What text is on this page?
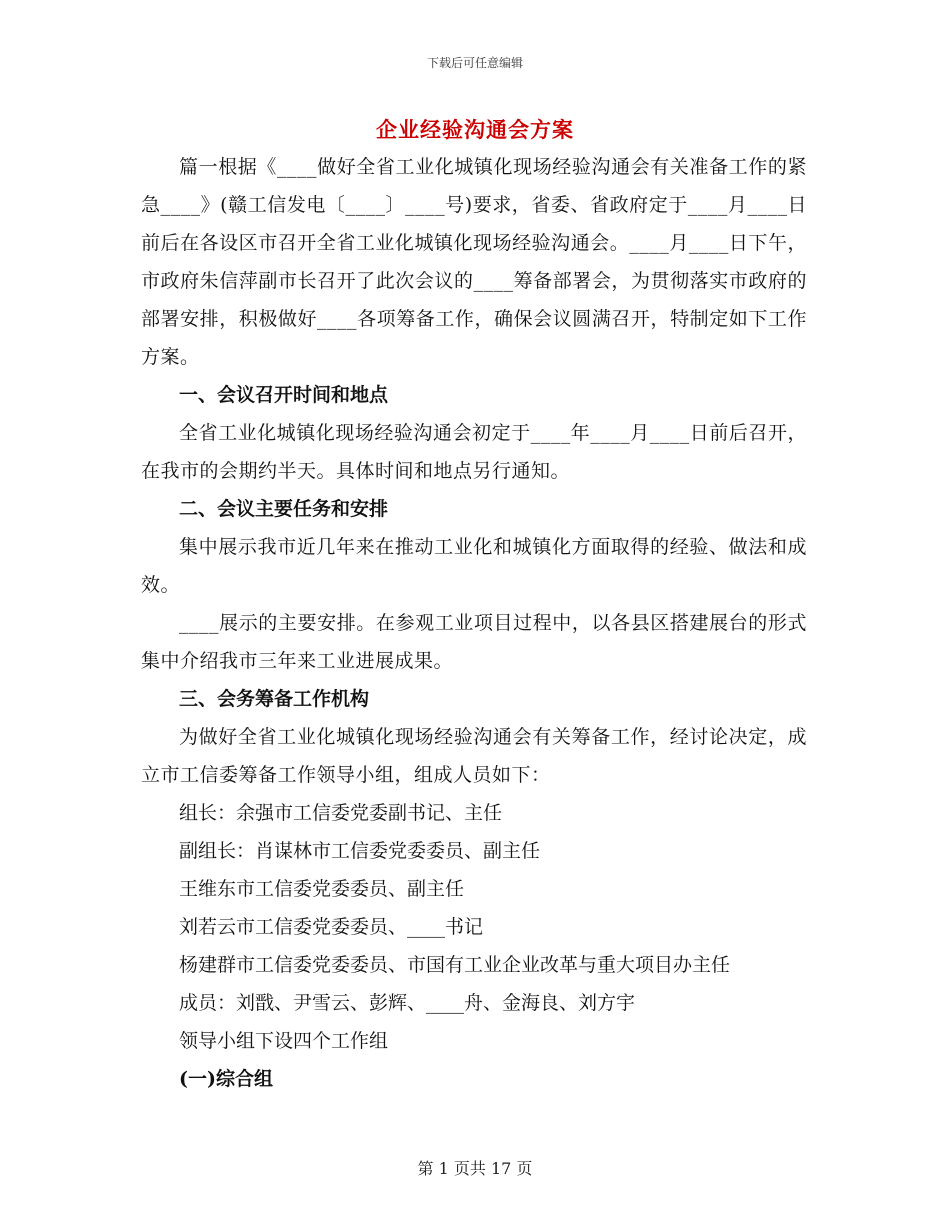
下载后可任意编辑
企业经验沟通会方案

篇一根据《____做好全省工业化城镇化现场经验沟通会有关准备工作的紧急____》(赣工信发电〔____〕____号)要求，省委、省政府定于____月____日前后在各设区市召开全省工业化城镇化现场经验沟通会。____月____日下午，市政府朱信萍副市长召开了此次会议的____筹备部署会，为贯彻落实市政府的部署安排，积极做好____各项筹备工作，确保会议圆满召开，特制定如下工作方案。

一、会议召开时间和地点

全省工业化城镇化现场经验沟通会初定于____年____月____日前后召开，在我市的会期约半天。具体时间和地点另行通知。

二、会议主要任务和安排

集中展示我市近几年来在推动工业化和城镇化方面取得的经验、做法和成效。

____展示的主要安排。在参观工业项目过程中，以各县区搭建展台的形式集中介绍我市三年来工业进展成果。

三、会务筹备工作机构

为做好全省工业化城镇化现场经验沟通会有关筹备工作，经讨论决定，成立市工信委筹备工作领导小组，组成人员如下：

组长：余强市工信委党委副书记、主任

副组长：肖谋林市工信委党委委员、副主任

王维东市工信委党委委员、副主任

刘若云市工信委党委委员、____书记

杨建群市工信委党委委员、市国有工业企业改革与重大项目办主任

成员：刘戬、尹雪云、彭辉、____舟、金海良、刘方宇

领导小组下设四个工作组

(一)综合组

第 1 页共 17 页
